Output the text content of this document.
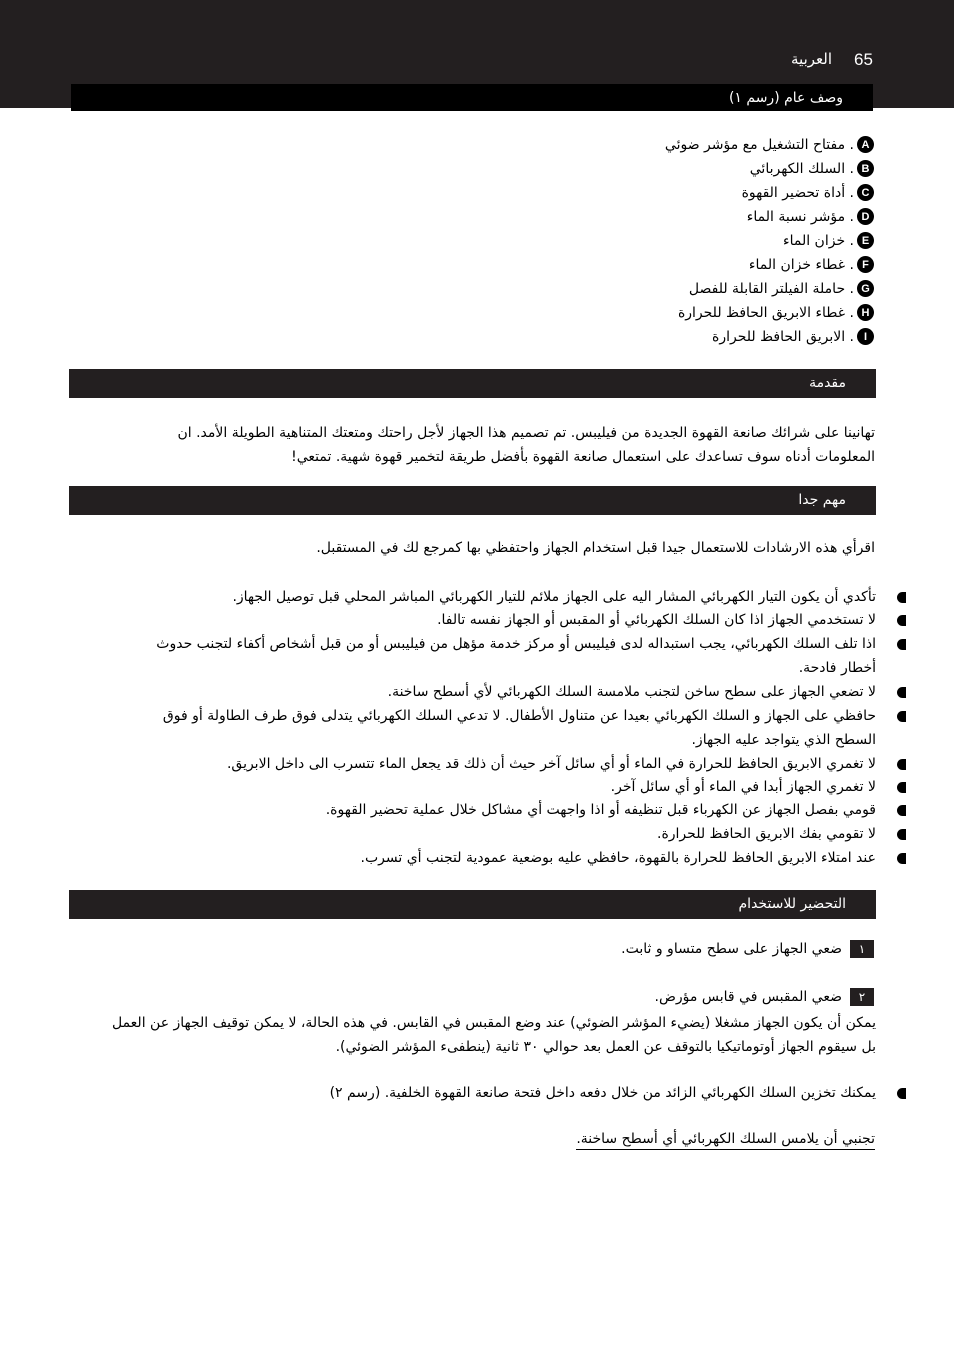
65
العربية
وصف عام (رسم ١)
A
. مفتاح التشغيل مع مؤشر ضوئي
B
. السلك الكهربائي
C
. أداة تحضير القهوة
D
. مؤشر نسبة الماء
E
. خزان الماء
F
. غطاء خزان الماء
G
. حاملة الفيلتر القابلة للفصل
H
. غطاء الابريق الحافظ للحرارة
I
. الابريق الحافظ للحرارة
مقدمة
تهانينا على شرائك صانعة القهوة الجديدة من فيليبس. تم تصميم هذا الجهاز لأجل راحتك ومتعتك المتناهية الطويلة الأمد. ان
المعلومات أدناه سوف تساعدك على استعمال صانعة القهوة بأفضل طريقة لتخمير قهوة شهية. تمتعي!
مهم جدا
اقرأي هذه الارشادات للاستعمال جيدا قبل استخدام الجهاز واحتفظي بها كمرجع لك في المستقبل.
تأكدي أن يكون التيار الكهربائي المشار اليه على الجهاز ملائم للتيار الكهربائي المباشر المحلي قبل توصيل الجهاز.
لا تستخدمي الجهاز اذا كان السلك الكهربائي أو المقبس أو الجهاز نفسه تالفا.
اذا تلف السلك الكهربائي، يجب استبداله لدى فيليبس أو مركز خدمة مؤهل من فيليبس أو من قبل أشخاص أكفاء لتجنب حدوث
أخطار فادحة.
لا تضعي الجهاز على سطح ساخن لتجنب ملامسة السلك الكهربائي لأي أسطح ساخنة.
حافظي على الجهاز و السلك الكهربائي بعيدا عن متناول الأطفال. لا تدعي السلك الكهربائي يتدلى فوق طرف الطاولة أو فوق
السطح الذي يتواجد عليه الجهاز.
لا تغمري الابريق الحافظ للحرارة في الماء أو أي سائل آخر حيث أن ذلك قد يجعل الماء تتسرب الى داخل الابريق.
لا تغمري الجهاز أبدا في الماء أو أي سائل آخر.
قومي بفصل الجهاز عن الكهرباء قبل تنظيفه أو اذا واجهت أي مشاكل خلال عملية تحضير القهوة.
لا تقومي بفك الابريق الحافظ للحرارة.
عند امتلاء الابريق الحافظ للحرارة بالقهوة، حافظي عليه بوضعية عمودية لتجنب أي تسرب.
التحضير للاستخدام
١
ضعي الجهاز على سطح متساو و ثابت.
٢
ضعي المقبس في قابس مؤرض.
يمكن أن يكون الجهاز مشغلا (يضيء المؤشر الضوئي) عند وضع المقبس في القابس. في هذه الحالة، لا يمكن توقيف الجهاز عن العمل
بل سيقوم الجهاز أوتوماتيكيا بالتوقف عن العمل بعد حوالي ٣٠ ثانية (ينطفىء المؤشر الضوئي).
يمكنك تخزين السلك الكهربائي الزائد من خلال دفعه داخل فتحة صانعة القهوة الخلفية. (رسم ٢)
تجنبي أن يلامس السلك الكهربائي أي أسطح ساخنة.
